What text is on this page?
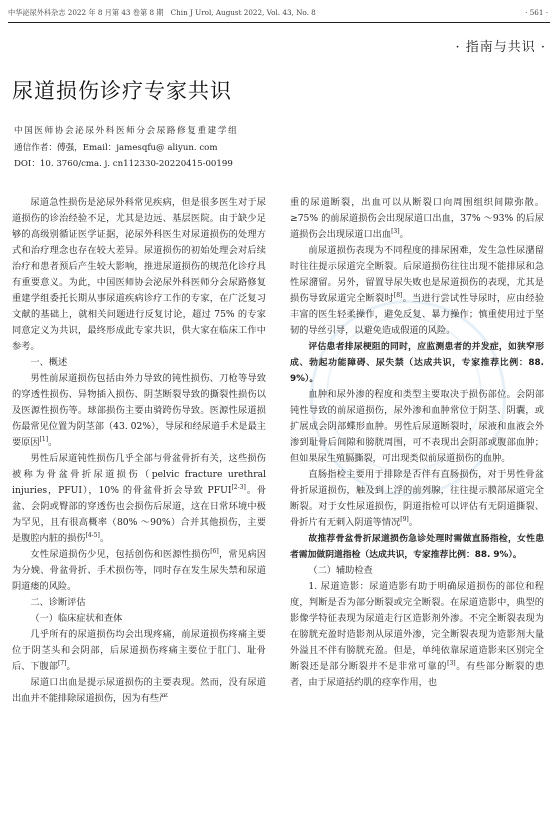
中华泌尿外科杂志 2022 年 8 月第 43 卷第 8 期　Chin J Urol, August 2022, Vol. 43, No. 8	· 561 ·
· 指南与共识 ·
尿道损伤诊疗专家共识
中国医师协会泌尿外科医师分会尿路修复重建学组
通信作者：傅强，Email：jamesqfu@ aliyun. com
DOI：10. 3760/cma. j. cn112330-20220415-00199

尿道急性损伤是泌尿外科常见疾病，但是很多医生对于尿道损伤的诊治经验不足，尤其是边远、基层医院。由于缺少足够的高级别循证医学证据，泌尿外科医生对尿道损伤的处理方式和治疗理念也存在较大差异。尿道损伤的初始处理会对后续治疗和患者预后产生较大影响，推进尿道损伤的规范化诊疗具有重要意义。为此，中国医师协会泌尿外科医师分会尿路修复重建学组委托长期从事尿道疾病诊疗工作的专家，在广泛复习文献的基础上，就相关问题进行反复讨论，超过 75% 的专家同意定义为共识，最终形成此专家共识，供大家在临床工作中参考。

一、概述

男性前尿道损伤包括由外力导致的钝性损伤、刀枪等导致的穿透性损伤、异物插入损伤、阴茎断裂导致的撕裂性损伤以及医源性损伤等。球部损伤主要由骑跨伤导致。医源性尿道损伤最常见位置为阴茎部（43. 02%），导尿和经尿道手术是最主要原因[1]。

男性后尿道钝性损伤几乎全部与骨盆骨折有关，这些损伤被称为骨盆骨折尿道损伤（pelvic fracture urethral injuries，PFUI），10% 的骨盆骨折会导致 PFUI[2-3]。骨盆、会阴或臀部的穿透伤也会损伤后尿道，这在日常环境中极为罕见，且有很高概率（80% ～90%）合并其他损伤，主要是腹腔内脏的损伤[4-5]。

女性尿道损伤少见，包括创伤和医源性损伤[6]，常见病因为分娩、骨盆骨折、手术损伤等，同时存在发生尿失禁和尿道阴道瘘的风险。

二、诊断评估

（一）临床症状和查体

几乎所有的尿道损伤均会出现疼痛，前尿道损伤疼痛主要位于阴茎头和会阴部，后尿道损伤疼痛主要位于肛门、耻骨后、下腹部[7]。

尿道口出血是提示尿道损伤的主要表现。然而，没有尿道出血并不能排除尿道损伤，因为有些严

重的尿道断裂，出血可以从断裂口向周围组织间隙弥散。≥75% 的前尿道损伤会出现尿道口出血，37% ～93% 的后尿道损伤会出现尿道口出血[3]。

前尿道损伤表现为不同程度的排尿困难，发生急性尿潴留时往往提示尿道完全断裂。后尿道损伤往往出现不能排尿和急性尿潴留。另外，留置导尿失败也是尿道损伤的表现，尤其是损伤导致尿道完全断裂时[8]。当进行尝试性导尿时，应由经验丰富的医生轻柔操作，避免反复、暴力操作；慎重使用过于坚韧的导丝引导，以避免造成假道的风险。

评估患者排尿梗阻的同时，应监测患者的并发症，如狭窄形成、勃起功能障碍、尿失禁（达成共识，专家推荐比例：88. 9%）。

血肿和尿外渗的程度和类型主要取决于损伤部位。会阴部钝性导致的前尿道损伤，尿外渗和血肿常位于阴茎、阴囊，或扩展成会阴部蝶形血肿。男性后尿道断裂时，尿液和血液会外渗到耻骨后间隙和膀胱周围，可不表现出会阴部或腹部血肿；但如果尿生殖膈撕裂，可出现类似前尿道损伤的血肿。

直肠指检主要用于排除是否伴有直肠损伤，对于男性骨盆骨折尿道损伤，触及到上浮的前列腺，往往提示膜部尿道完全断裂。对于女性尿道损伤，阴道指检可以评估有无阴道撕裂、骨折片有无刺入阴道等情况[9]。

故推荐骨盆骨折尿道损伤急诊处理时需做直肠指检，女性患者需加做阴道指检（达成共识，专家推荐比例：88. 9%）。

（二）辅助检查

1. 尿道造影：尿道造影有助于明确尿道损伤的部位和程度，判断是否为部分断裂或完全断裂。在尿道造影中，典型的影像学特征表现为尿道走行区造影剂外渗。不完全断裂表现为在膀胱充盈时造影剂从尿道外渗，完全断裂表现为造影剂大量外溢且不伴有膀胱充盈。但是，单纯依靠尿道造影来区别完全断裂还是部分断裂并不是非常可靠的[3]。有些部分断裂的患者，由于尿道括约肌的痉挛作用，也
